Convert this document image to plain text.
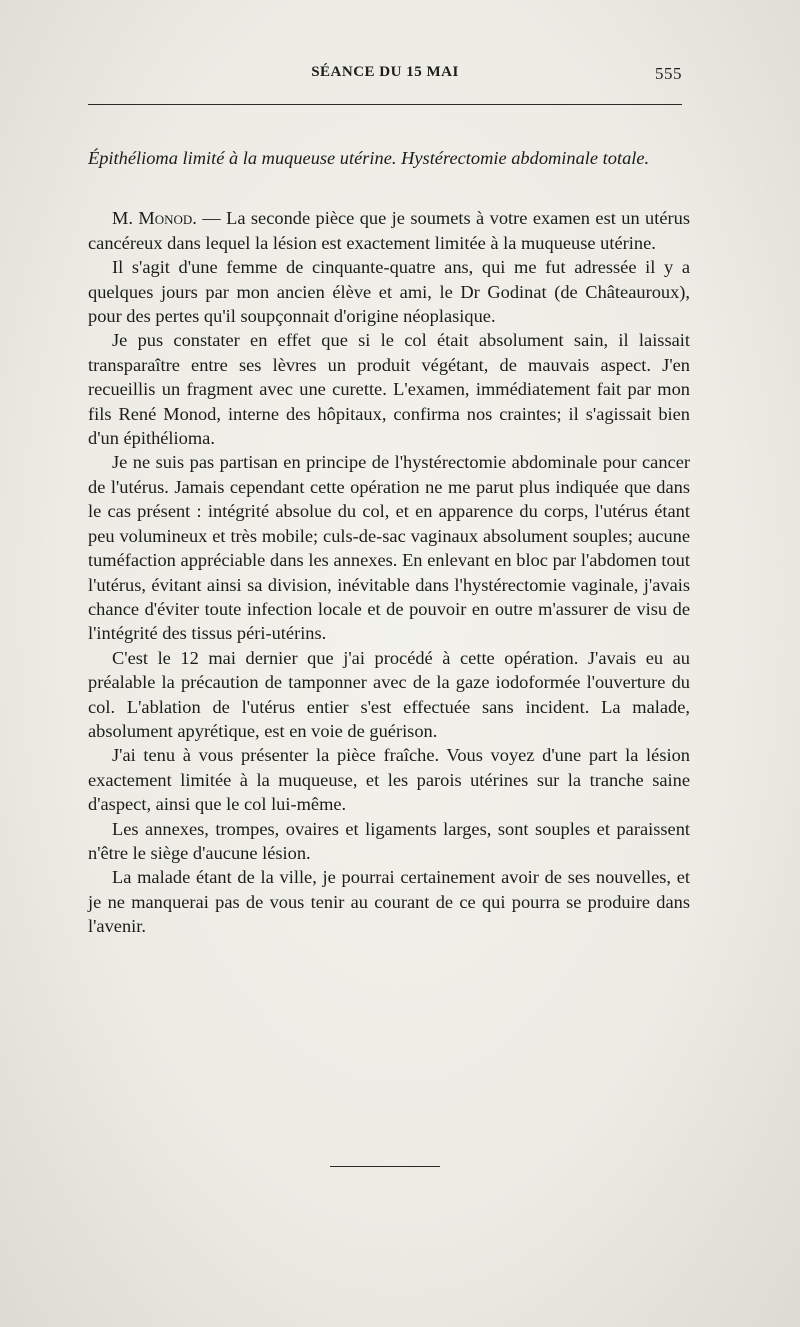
SÉANCE DU 15 MAI	555
Épithélioma limité à la muqueuse utérine. Hystérectomie abdominale totale.

M. Monod. — La seconde pièce que je soumets à votre examen est un utérus cancéreux dans lequel la lésion est exactement limitée à la muqueuse utérine.

Il s'agit d'une femme de cinquante-quatre ans, qui me fut adressée il y a quelques jours par mon ancien élève et ami, le Dr Godinat (de Châteauroux), pour des pertes qu'il soupçonnait d'origine néoplasique.

Je pus constater en effet que si le col était absolument sain, il laissait transparaître entre ses lèvres un produit végétant, de mauvais aspect. J'en recueillis un fragment avec une curette. L'examen, immédiatement fait par mon fils René Monod, interne des hôpitaux, confirma nos craintes; il s'agissait bien d'un épithélioma.

Je ne suis pas partisan en principe de l'hystérectomie abdominale pour cancer de l'utérus. Jamais cependant cette opération ne me parut plus indiquée que dans le cas présent : intégrité absolue du col, et en apparence du corps, l'utérus étant peu volumineux et très mobile; culs-de-sac vaginaux absolument souples; aucune tuméfaction appréciable dans les annexes. En enlevant en bloc par l'abdomen tout l'utérus, évitant ainsi sa division, inévitable dans l'hystérectomie vaginale, j'avais chance d'éviter toute infection locale et de pouvoir en outre m'assurer de visu de l'intégrité des tissus péri-utérins.

C'est le 12 mai dernier que j'ai procédé à cette opération. J'avais eu au préalable la précaution de tamponner avec de la gaze iodoformée l'ouverture du col. L'ablation de l'utérus entier s'est effectuée sans incident. La malade, absolument apyrétique, est en voie de guérison.

J'ai tenu à vous présenter la pièce fraîche. Vous voyez d'une part la lésion exactement limitée à la muqueuse, et les parois utérines sur la tranche saine d'aspect, ainsi que le col lui-même.

Les annexes, trompes, ovaires et ligaments larges, sont souples et paraissent n'être le siège d'aucune lésion.

La malade étant de la ville, je pourrai certainement avoir de ses nouvelles, et je ne manquerai pas de vous tenir au courant de ce qui pourra se produire dans l'avenir.
